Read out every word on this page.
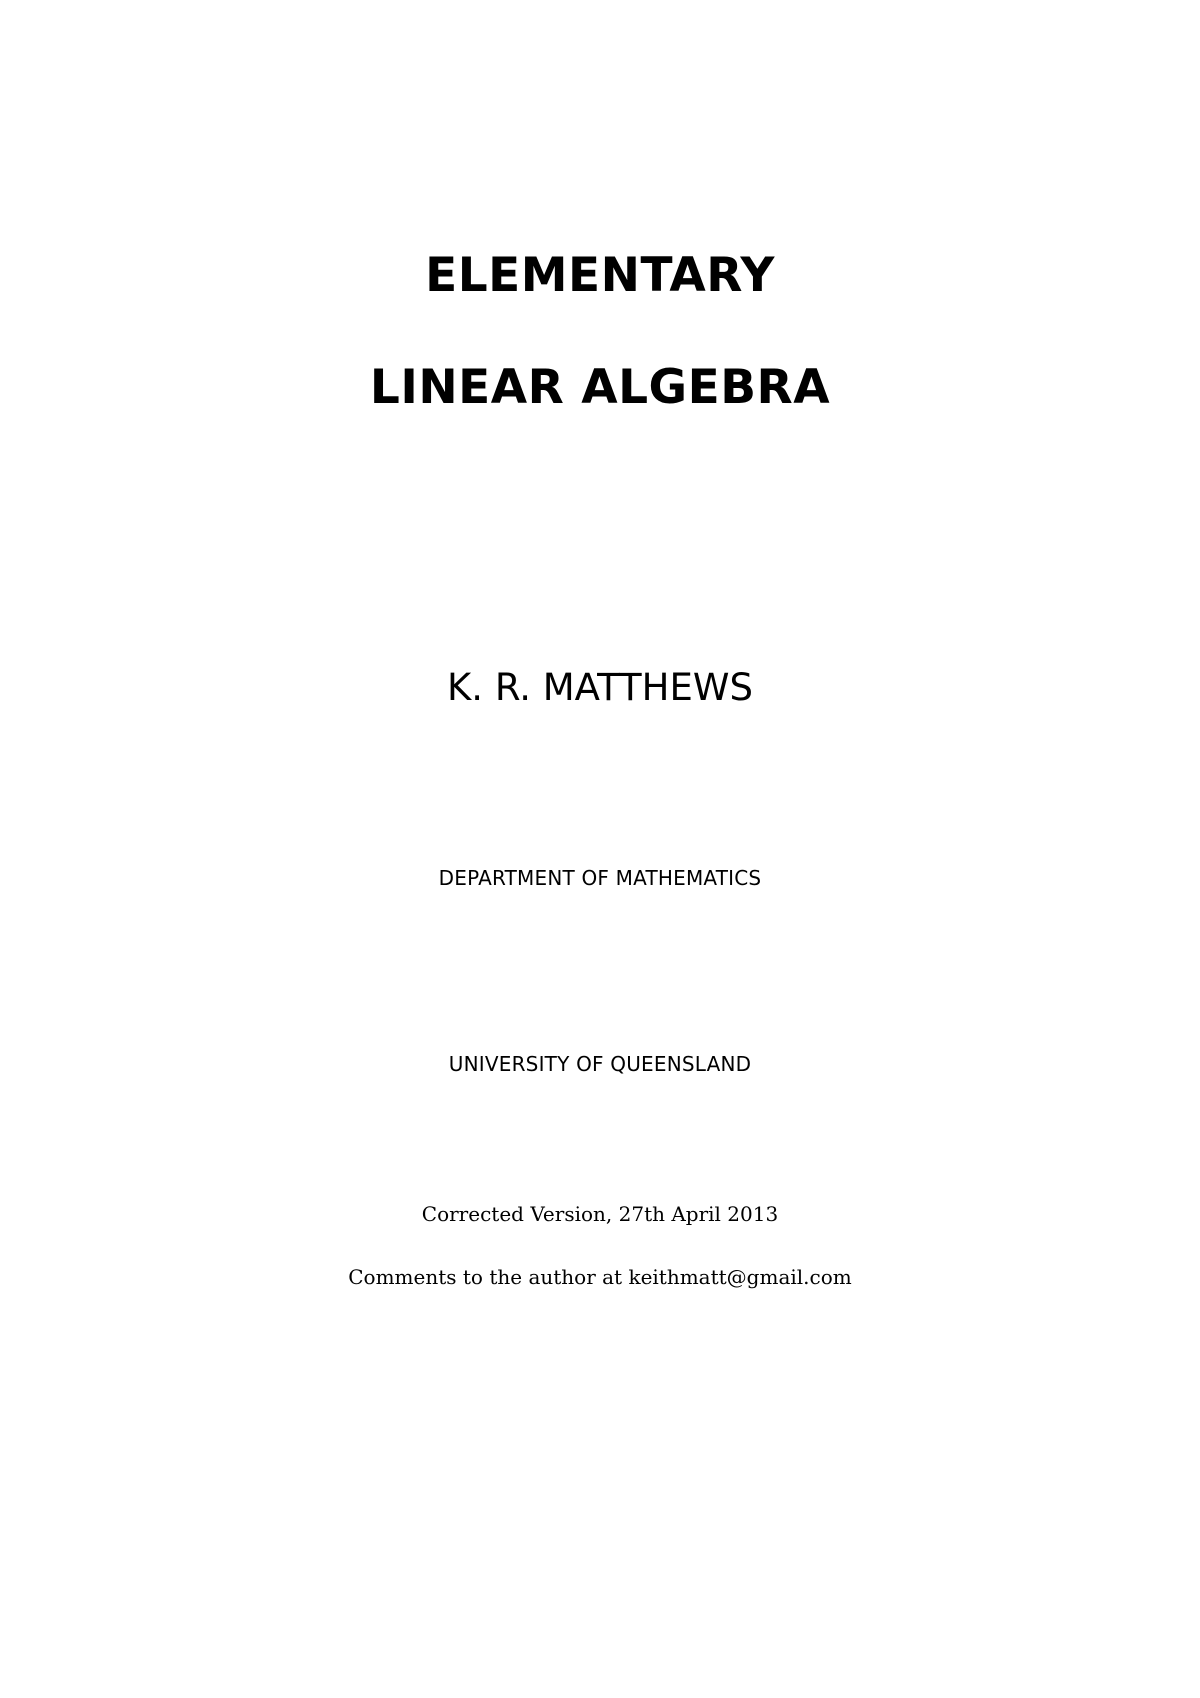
ELEMENTARY
LINEAR ALGEBRA
K. R. MATTHEWS
DEPARTMENT OF MATHEMATICS
UNIVERSITY OF QUEENSLAND
Corrected Version, 27th April 2013
Comments to the author at keithmatt@gmail.com
